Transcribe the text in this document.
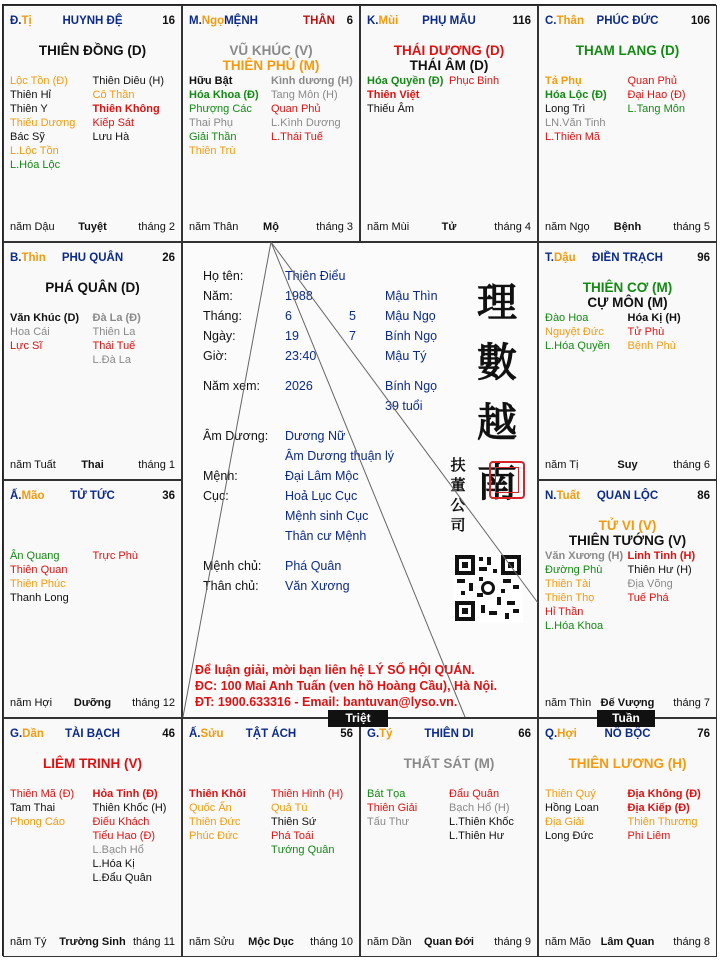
Đ.Tị	HUYNH ĐỆ	16
THIÊN ĐỒNG (D)
Lộc Tồn (Đ)
Thiên Hỉ
Thiên Y
Thiếu Dương
Bác Sỹ
L.Lộc Tồn
L.Hóa Lộc
Thiên Diêu (H)
Cô Thần
Thiên Không
Kiếp Sát
Lưu Hà
năm Dậu	Tuyệt	tháng 2
M.Ngọ MỆNH	THÂN 6
VŨ KHÚC (V)
THIÊN PHỦ (M)
Hữu Bật
Hóa Khoa (Đ)
Phượng Các
Thai Phụ
Giải Thần
Thiên Trù
Kình dương (H)
Tang Môn (H)
Quan Phủ
L.Kình Dương
L.Thái Tuế
năm Thân	Mộ	tháng 3
K.Mùi	PHỤ MẪU	116
THÁI DƯƠNG (D)
THÁI ÂM (D)
Hóa Quyền (Đ)
Thiên Việt
Thiếu Âm
Phục Binh
năm Mùi	Tử	tháng 4
C.Thân	PHÚC ĐỨC	106
THAM LANG (D)
Tả Phụ
Hóa Lộc (Đ)
Long Trì
LN.Văn Tinh
L.Thiên Mã
Quan Phủ
Đại Hao (Đ)
L.Tang Môn
năm Ngọ	Bệnh	tháng 5
B.Thìn	PHU QUÂN	26
PHÁ QUÂN (D)
Văn Khúc (D)
Hoa Cái
Lực Sĩ
Đà La (Đ)
Thiên La
Thái Tuế
L.Đà La
năm Tuất	Thai	tháng 1
T.Dậu	ĐIỀN TRẠCH	96
THIÊN CƠ (M)
CỰ MÔN (M)
Đào Hoa
Nguyệt Đức
L.Hóa Quyền
Hóa Kị (H)
Tử Phù
Bệnh Phù
năm Tị	Suy	tháng 6
Ấ.Mão	TỬ TỨC	36
Ân Quang
Thiên Quan
Thiên Phúc
Thanh Long
Trực Phù
năm Hợi	Dưỡng	tháng 12
N.Tuất	QUAN LỘC	86
TỬ VI (V)
THIÊN TƯỚNG (V)
Văn Xương (H)
Đường Phù
Thiên Tài
Thiên Thọ
Hỉ Thần
L.Hóa Khoa
Linh Tinh (H)
Thiên Hư (H)
Địa Võng
Tuế Phá
năm Thìn Đế Vượng	tháng 7
G.Dần	TÀI BẠCH	46
LIÊM TRINH (V)
Thiên Mã (Đ)
Tam Thai
Phong Cáo
Hỏa Tinh (Đ)
Thiên Khốc (H)
Điếu Khách
Tiểu Hao (Đ)
L.Bạch Hổ
L.Hóa Kị
L.Đẩu Quân
năm Tý	Trường Sinh tháng 11
Ấ.Sửu	TẬT ÁCH	56
Thiên Khôi
Quốc Ấn
Thiên Đức
Phúc Đức
Thiên Hình (H)
Quả Tú
Thiên Sứ
Phá Toái
Tướng Quân
năm Sửu	Mộc Dục	tháng 10
G.Tý	THIÊN DI	66
THẤT SÁT (M)
Bát Tọa
Thiên Giải
Tấu Thư
Đẩu Quân
Bạch Hổ (H)
L.Thiên Khốc
L.Thiên Hư
năm Dần	Quan Đới	tháng 9
Q.Hợi	NÔ BỘC	76
THIÊN LƯƠNG (H)
Thiên Quý
Hồng Loan
Địa Giải
Long Đức
Địa Không (Đ)
Địa Kiếp (Đ)
Thiên Thương
Phi Liêm
năm Mão Lâm Quan	tháng 8
Họ tên:	Thiên Điểu
Năm:	1988	Mậu Thìn
Tháng:	6	5 Mậu Ngọ
Ngày:	19	7 Bính Ngọ
Giờ:	23:40	Mậu Tý
Năm xem: 2026	Bính Ngọ
39 tuổi
Âm Dương: Dương Nữ
Âm Dương thuận lý
Mệnh:	Đại Lâm Mộc
Cục:	Hoả Lục Cục
Mệnh sinh Cục
Thân cư Mệnh
Mệnh chủ: Phá Quân
Thân chủ: Văn Xương
理
數
越
南
扶
董
公
司
Để luận giải, mời bạn liên hệ LÝ SỐ HỘI QUÁN.
ĐC: 100 Mai Anh Tuấn (ven hồ Hoàng Cầu), Hà Nội.
ĐT: 1900.633316 - Email: bantuvan@lyso.vn.
Triệt	Tuần
